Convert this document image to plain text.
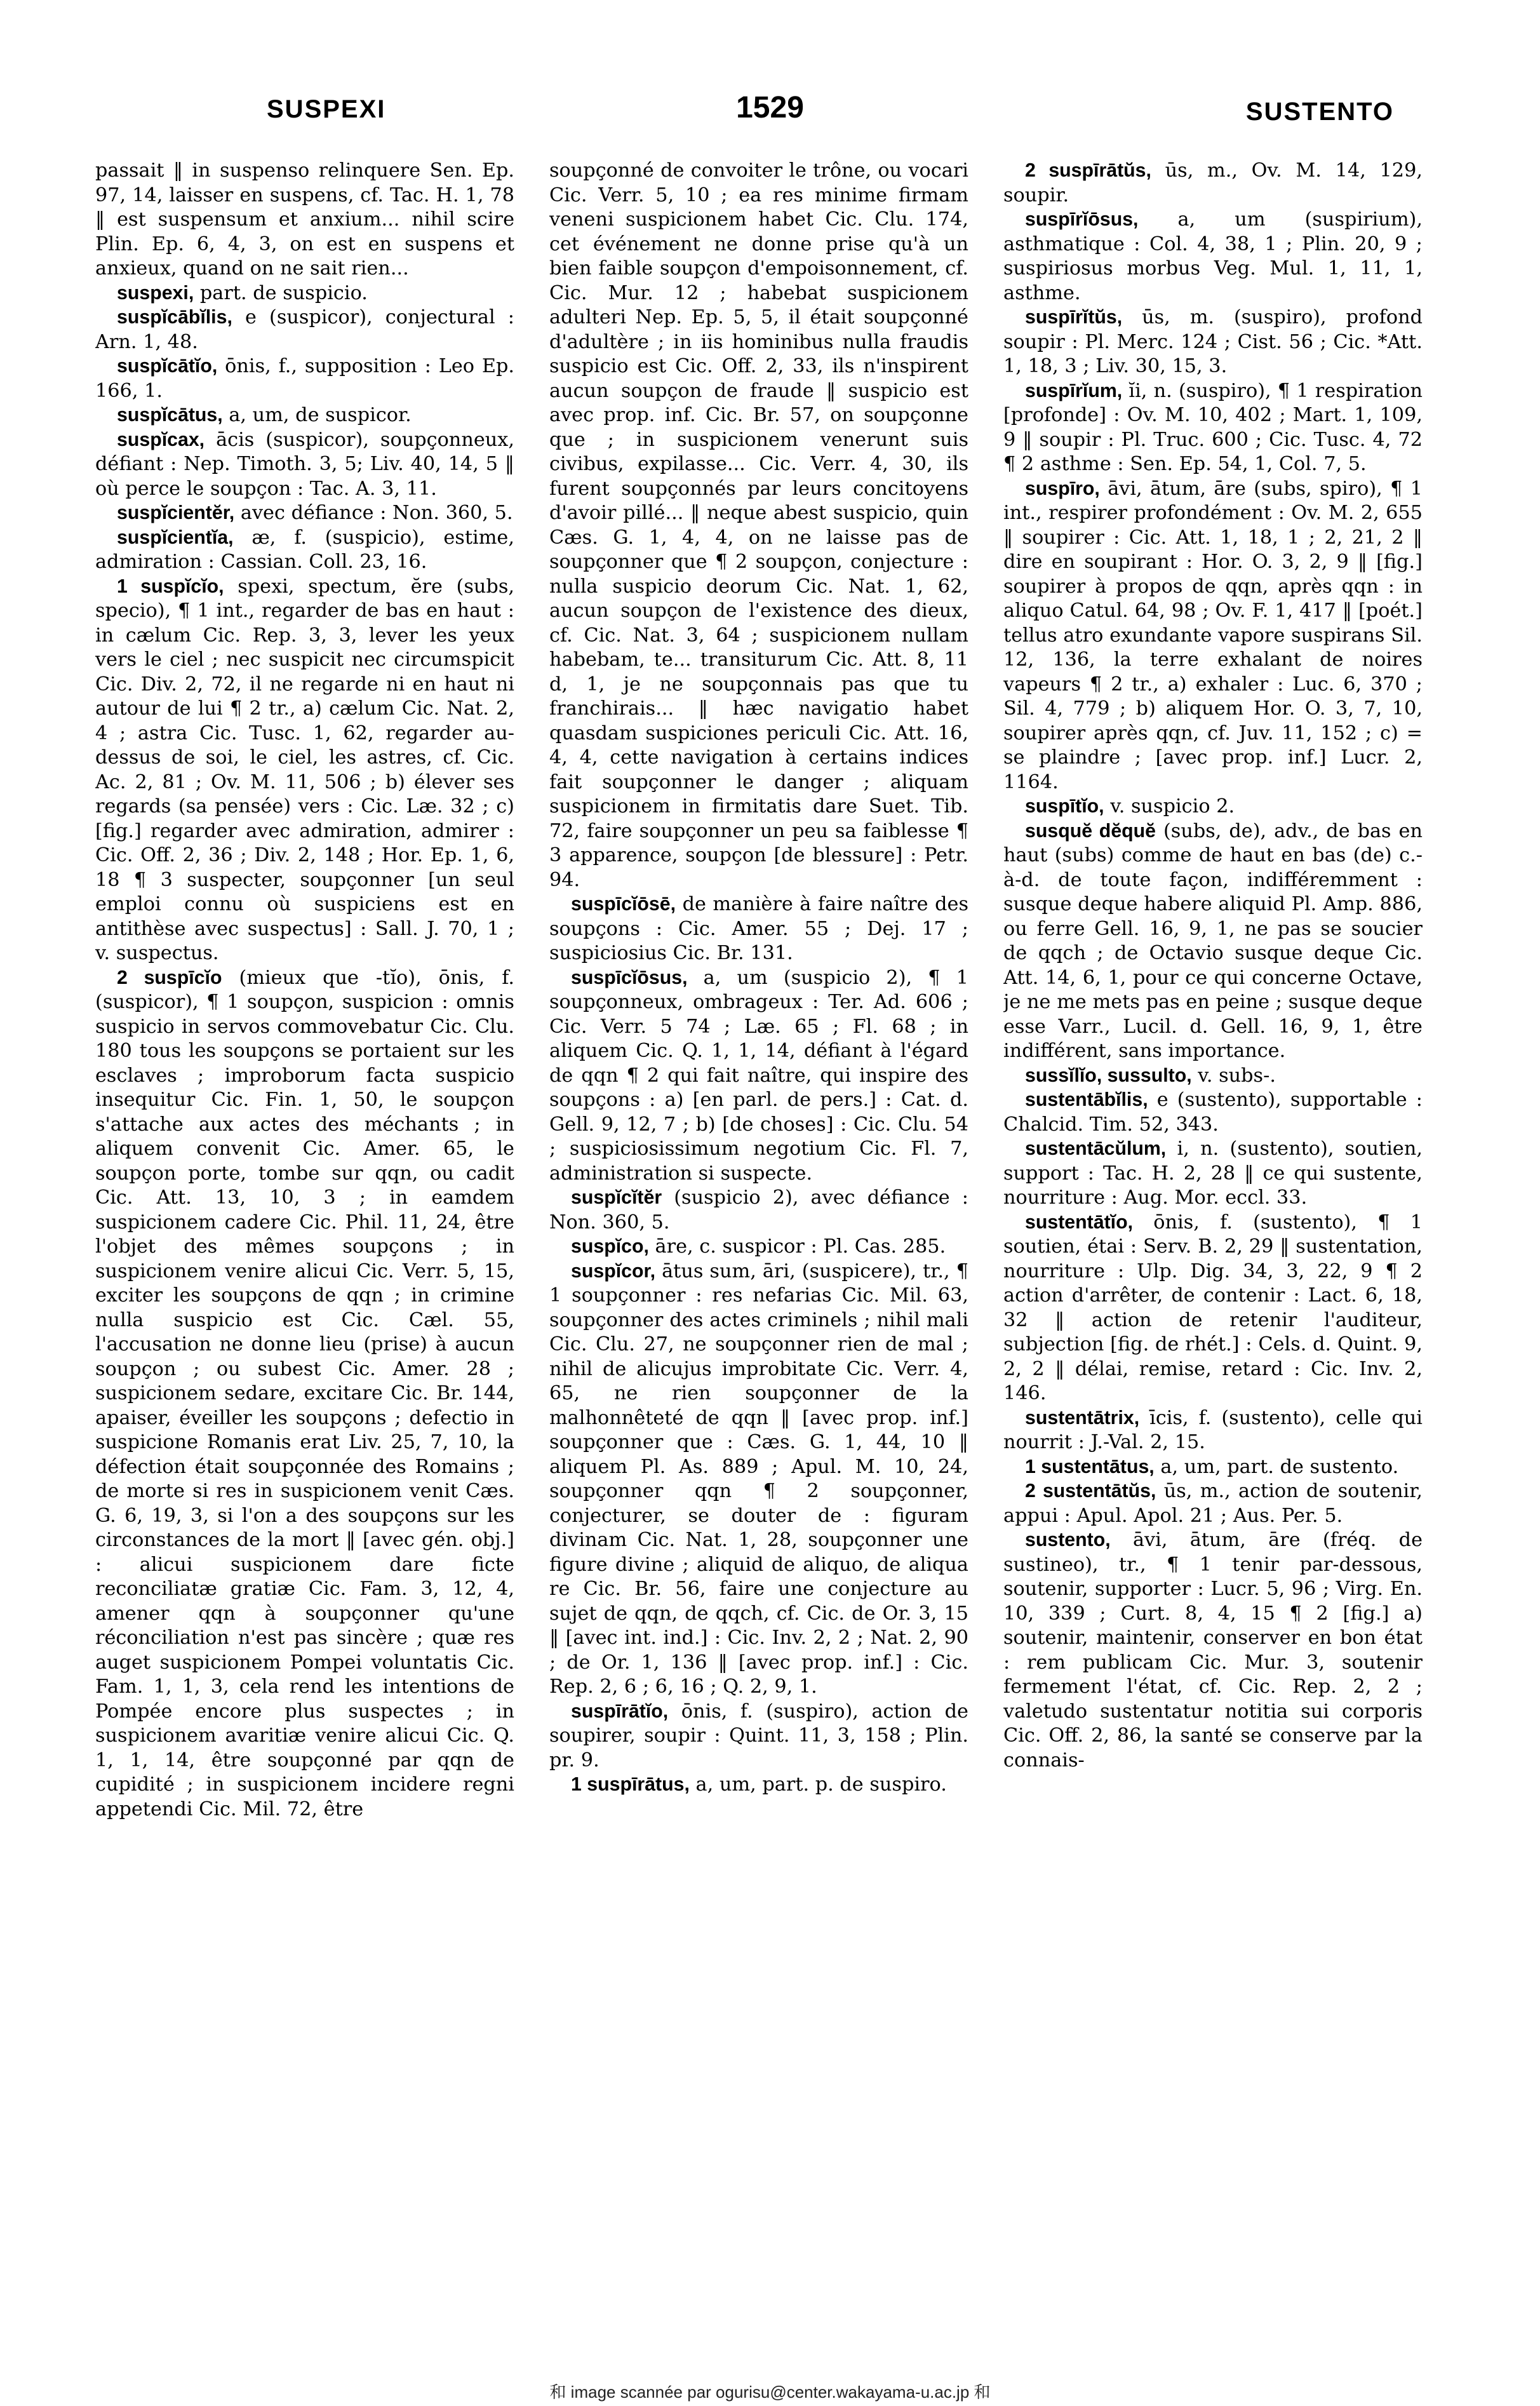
SUSPEXI	1529	SUSTENTO

passait ‖ in suspenso relinquere Sen. Ep. 97, 14, laisser en suspens, cf. Tac. H. 1, 78 ‖ est suspensum et anxium... nihil scire Plin. Ep. 6, 4, 3, on est en suspens et anxieux, quand on ne sait rien...

suspexi, part. de suspicio.

suspĭcābĭlis, e (suspicor), conjectural : Arn. 1, 48.

suspĭcātĭo, ōnis, f., supposition : Leo Ep. 166, 1.

suspĭcātus, a, um, de suspicor.

suspĭcax, ācis (suspicor), soupçonneux, défiant : Nep. Timoth. 3, 5; Liv. 40, 14, 5 ‖ où perce le soupçon : Tac. A. 3, 11.

suspĭcientĕr, avec défiance : Non. 360, 5.

suspĭcientĭa, æ, f. (suspicio), estime, admiration : Cassian. Coll. 23, 16.

1 suspĭcĭo, spexi, spectum, ĕre (subs, specio), ¶ 1 int., regarder de bas en haut : in cælum Cic. Rep. 3, 3, lever les yeux vers le ciel ; nec suspicit nec circumspicit Cic. Div. 2, 72, il ne regarde ni en haut ni autour de lui ¶ 2 tr., a) cælum Cic. Nat. 2, 4 ; astra Cic. Tusc. 1, 62, regarder au-dessus de soi, le ciel, les astres, cf. Cic. Ac. 2, 81 ; Ov. M. 11, 506 ; b) élever ses regards (sa pensée) vers : Cic. Læ. 32 ; c) [fig.] regarder avec admiration, admirer : Cic. Off. 2, 36 ; Div. 2, 148 ; Hor. Ep. 1, 6, 18 ¶ 3 suspecter, soupçonner [un seul emploi connu où suspiciens est en antithèse avec suspectus] : Sall. J. 70, 1 ; v. suspectus.

2 suspīcĭo (mieux que -tĭo), ōnis, f. (suspicor), ¶ 1 soupçon, suspicion : omnis suspicio in servos commovebatur Cic. Clu. 180 tous les soupçons se portaient sur les esclaves ; improborum facta suspicio insequitur Cic. Fin. 1, 50, le soupçon s'attache aux actes des méchants ; in aliquem convenit Cic. Amer. 65, le soupçon porte, tombe sur qqn, ou cadit Cic. Att. 13, 10, 3 ; in eamdem suspicionem cadere Cic. Phil. 11, 24, être l'objet des mêmes soupçons ; in suspicionem venire alicui Cic. Verr. 5, 15, exciter les soupçons de qqn ; in crimine nulla suspicio est Cic. Cæl. 55, l'accusation ne donne lieu (prise) à aucun soupçon ; ou subest Cic. Amer. 28 ; suspicionem sedare, excitare Cic. Br. 144, apaiser, éveiller les soupçons ; defectio in suspicione Romanis erat Liv. 25, 7, 10, la défection était soupçonnée des Romains ; de morte si res in suspicionem venit Cæs. G. 6, 19, 3, si l'on a des soupçons sur les circonstances de la mort ‖ [avec gén. obj.] : alicui suspicionem dare ficte reconciliatæ gratiæ Cic. Fam. 3, 12, 4, amener qqn à soupçonner qu'une réconciliation n'est pas sincère ; quæ res auget suspicionem Pompei voluntatis Cic. Fam. 1, 1, 3, cela rend les intentions de Pompée encore plus suspectes ; in suspicionem avaritiæ venire alicui Cic. Q. 1, 1, 14, être soupçonné par qqn de cupidité ; in suspicionem incidere regni appetendi Cic. Mil. 72, être

soupçonné de convoiter le trône, ou vocari Cic. Verr. 5, 10 ; ea res minime firmam veneni suspicionem habet Cic. Clu. 174, cet événement ne donne prise qu'à un bien faible soupçon d'empoisonnement, cf. Cic. Mur. 12 ; habebat suspicionem adulteri Nep. Ep. 5, 5, il était soupçonné d'adultère ; in iis hominibus nulla fraudis suspicio est Cic. Off. 2, 33, ils n'inspirent aucun soupçon de fraude ‖ suspicio est avec prop. inf. Cic. Br. 57, on soupçonne que ; in suspicionem venerunt suis civibus, expilasse... Cic. Verr. 4, 30, ils furent soupçonnés par leurs concitoyens d'avoir pillé... ‖ neque abest suspicio, quin Cæs. G. 1, 4, 4, on ne laisse pas de soupçonner que ¶ 2 soupçon, conjecture : nulla suspicio deorum Cic. Nat. 1, 62, aucun soupçon de l'existence des dieux, cf. Cic. Nat. 3, 64 ; suspicionem nullam habebam, te... transiturum Cic. Att. 8, 11 d, 1, je ne soupçonnais pas que tu franchirais... ‖ hæc navigatio habet quasdam suspiciones periculi Cic. Att. 16, 4, 4, cette navigation à certains indices fait soupçonner le danger ; aliquam suspicionem in firmitatis dare Suet. Tib. 72, faire soupçonner un peu sa faiblesse ¶ 3 apparence, soupçon [de blessure] : Petr. 94.

suspīcĭōsē, de manière à faire naître des soupçons : Cic. Amer. 55 ; Dej. 17 ; suspiciosius Cic. Br. 131.

suspīcĭōsus, a, um (suspicio 2), ¶ 1 soupçonneux, ombrageux : Ter. Ad. 606 ; Cic. Verr. 5 74 ; Læ. 65 ; Fl. 68 ; in aliquem Cic. Q. 1, 1, 14, défiant à l'égard de qqn ¶ 2 qui fait naître, qui inspire des soupçons : a) [en parl. de pers.] : Cat. d. Gell. 9, 12, 7 ; b) [de choses] : Cic. Clu. 54 ; suspiciosissimum negotium Cic. Fl. 7, administration si suspecte.

suspĭcĭtĕr (suspicio 2), avec défiance : Non. 360, 5.

suspĭco, āre, c. suspicor : Pl. Cas. 285.

suspĭcor, ātus sum, āri, (suspicere), tr., ¶ 1 soupçonner : res nefarias Cic. Mil. 63, soupçonner des actes criminels ; nihil mali Cic. Clu. 27, ne soupçonner rien de mal ; nihil de alicujus improbitate Cic. Verr. 4, 65, ne rien soupçonner de la malhonnêteté de qqn ‖ [avec prop. inf.] soupçonner que : Cæs. G. 1, 44, 10 ‖ aliquem Pl. As. 889 ; Apul. M. 10, 24, soupçonner qqn ¶ 2 soupçonner, conjecturer, se douter de : figuram divinam Cic. Nat. 1, 28, soupçonner une figure divine ; aliquid de aliquo, de aliqua re Cic. Br. 56, faire une conjecture au sujet de qqn, de qqch, cf. Cic. de Or. 3, 15 ‖ [avec int. ind.] : Cic. Inv. 2, 2 ; Nat. 2, 90 ; de Or. 1, 136 ‖ [avec prop. inf.] : Cic. Rep. 2, 6 ; 6, 16 ; Q. 2, 9, 1.

suspīrātĭo, ōnis, f. (suspiro), action de soupirer, soupir : Quint. 11, 3, 158 ; Plin. pr. 9.

1 suspīrātus, a, um, part. p. de suspiro.

2 suspīrātŭs, ūs, m., Ov. M. 14, 129, soupir.

suspīrĭōsus, a, um (suspirium), asthmatique : Col. 4, 38, 1 ; Plin. 20, 9 ; suspiriosus morbus Veg. Mul. 1, 11, 1, asthme.

suspīrĭtŭs, ūs, m. (suspiro), profond soupir : Pl. Merc. 124 ; Cist. 56 ; Cic. *Att. 1, 18, 3 ; Liv. 30, 15, 3.

suspīrĭum, ĭi, n. (suspiro), ¶ 1 respiration [profonde] : Ov. M. 10, 402 ; Mart. 1, 109, 9 ‖ soupir : Pl. Truc. 600 ; Cic. Tusc. 4, 72 ¶ 2 asthme : Sen. Ep. 54, 1, Col. 7, 5.

suspīro, āvi, ātum, āre (subs, spiro), ¶ 1 int., respirer profondément : Ov. M. 2, 655 ‖ soupirer : Cic. Att. 1, 18, 1 ; 2, 21, 2 ‖ dire en soupirant : Hor. O. 3, 2, 9 ‖ [fig.] soupirer à propos de qqn, après qqn : in aliquo Catul. 64, 98 ; Ov. F. 1, 417 ‖ [poét.] tellus atro exundante vapore suspirans Sil. 12, 136, la terre exhalant de noires vapeurs ¶ 2 tr., a) exhaler : Luc. 6, 370 ; Sil. 4, 779 ; b) aliquem Hor. O. 3, 7, 10, soupirer après qqn, cf. Juv. 11, 152 ; c) = se plaindre ; [avec prop. inf.] Lucr. 2, 1164.

suspītĭo, v. suspicio 2.

susquĕ dĕquĕ (subs, de), adv., de bas en haut (subs) comme de haut en bas (de) c.-à-d. de toute façon, indifféremment : susque deque habere aliquid Pl. Amp. 886, ou ferre Gell. 16, 9, 1, ne pas se soucier de qqch ; de Octavio susque deque Cic. Att. 14, 6, 1, pour ce qui concerne Octave, je ne me mets pas en peine ; susque deque esse Varr., Lucil. d. Gell. 16, 9, 1, être indifférent, sans importance.

sussĭlĭo, sussulto, v. subs-.

sustentābĭlis, e (sustento), supportable : Chalcid. Tim. 52, 343.

sustentācŭlum, i, n. (sustento), soutien, support : Tac. H. 2, 28 ‖ ce qui sustente, nourriture : Aug. Mor. eccl. 33.

sustentātĭo, ōnis, f. (sustento), ¶ 1 soutien, étai : Serv. B. 2, 29 ‖ sustentation, nourriture : Ulp. Dig. 34, 3, 22, 9 ¶ 2 action d'arrêter, de contenir : Lact. 6, 18, 32 ‖ action de retenir l'auditeur, subjection [fig. de rhét.] : Cels. d. Quint. 9, 2, 2 ‖ délai, remise, retard : Cic. Inv. 2, 146.

sustentātrix, īcis, f. (sustento), celle qui nourrit : J.-Val. 2, 15.

1 sustentātus, a, um, part. de sustento.

2 sustentātŭs, ūs, m., action de soutenir, appui : Apul. Apol. 21 ; Aus. Per. 5.

sustento, āvi, ātum, āre (fréq. de sustineo), tr., ¶ 1 tenir par-dessous, soutenir, supporter : Lucr. 5, 96 ; Virg. En. 10, 339 ; Curt. 8, 4, 15 ¶ 2 [fig.] a) soutenir, maintenir, conserver en bon état : rem publicam Cic. Mur. 3, soutenir fermement l'état, cf. Cic. Rep. 2, 2 ; valetudo sustentatur notitia sui corporis Cic. Off. 2, 86, la santé se conserve par la connais-

和 image scannée par ogurisu@center.wakayama-u.ac.jp 和
